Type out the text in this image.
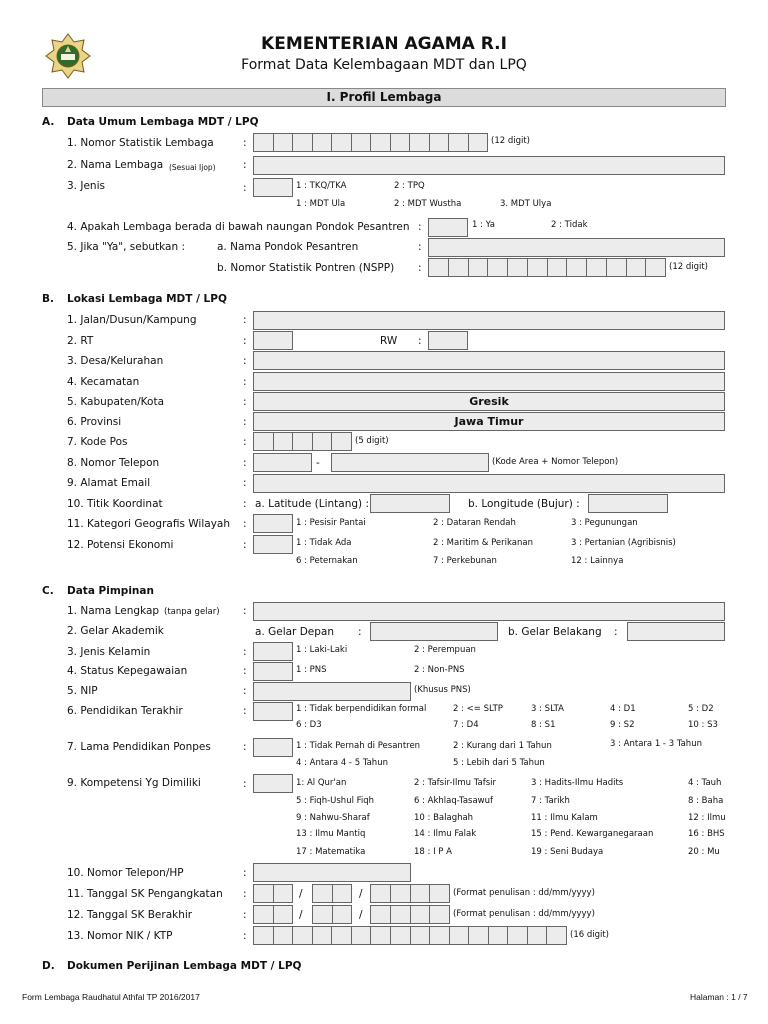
KEMENTERIAN AGAMA R.I
Format Data Kelembagaan MDT dan LPQ
I. Profil Lembaga
A. Data Umum Lembaga MDT / LPQ
1. Nomor Statistik Lembaga	:	(12 digit)
2. Nama Lembaga (Sesuai Ijop)	:
3. Jenis	:	1 : TKQ/TKA	2 : TPQ
1 : MDT Ula	2 : MDT Wustha	3. MDT Ulya
4. Apakah Lembaga berada di bawah naungan Pondok Pesantren :	1 : Ya	2 : Tidak
5. Jika "Ya", sebutkan :	a. Nama Pondok Pesantren	:
b. Nomor Statistik Pontren (NSPP) :	(12 digit)
B. Lokasi Lembaga MDT / LPQ
1. Jalan/Dusun/Kampung	:
2. RT	:	RW :
3. Desa/Kelurahan	:
4. Kecamatan	:
5. Kabupaten/Kota	:	Gresik
6. Provinsi	:	Jawa Timur
7. Kode Pos	:	(5 digit)
8. Nomor Telepon	:	-	(Kode Area + Nomor Telepon)
9. Alamat Email	:
10. Titik Koordinat	: a. Latitude (Lintang) :	b. Longitude (Bujur) :
11. Kategori Geografis Wilayah :	1 : Pesisir Pantai	2 : Dataran Rendah	3 : Pegunungan
12. Potensi Ekonomi	:	1 : Tidak Ada	2 : Maritim & Perikanan	3 : Pertanian (Agribisnis)
6 : Peternakan	7 : Perkebunan	12 : Lainnya
C. Data Pimpinan
1. Nama Lengkap (tanpa gelar) :
2. Gelar Akademik	a. Gelar Depan :	b. Gelar Belakang :
3. Jenis Kelamin	:	1 : Laki-Laki	2 : Perempuan
4. Status Kepegawaian	:	1 : PNS	2 : Non-PNS
5. NIP	:	(Khusus PNS)
6. Pendidikan Terakhir	:	1 : Tidak berpendidikan formal	2 : <= SLTP	3 : SLTA	4 : D1	5 : D2
6 : D3	7 : D4	8 : S1	9 : S2	10 : S3
7. Lama Pendidikan Ponpes	:	1 : Tidak Pernah di Pesantren	2 : Kurang dari 1 Tahun	3 : Antara 1 - 3 Tahun
4 : Antara 4 - 5 Tahun	5 : Lebih dari 5 Tahun
9. Kompetensi Yg Dimiliki	:	1: Al Qur'an	2 : Tafsir-Ilmu Tafsir	3 : Hadits-Ilmu Hadits	4 : Tauh
5 : Fiqh-Ushul Fiqh	6 : Akhlaq-Tasawuf	7 : Tarikh	8 : Baha
9 : Nahwu-Sharaf	10 : Balaghah	11 : Ilmu Kalam	12 : Ilmu
13 : Ilmu Mantiq	14 : Ilmu Falak	15 : Pend. Kewarganegaraan	16 : BHS
17 : Matematika	18 : I P A	19 : Seni Budaya	20 : Mu
10. Nomor Telepon/HP	:
11. Tanggal SK Pengangkatan :	/	/	(Format penulisan : dd/mm/yyyy)
12. Tanggal SK Berakhir	:	/	/	(Format penulisan : dd/mm/yyyy)
13. Nomor NIK / KTP	:	(16 digit)
D. Dokumen Perijinan Lembaga MDT / LPQ
Form Lembaga Raudhatul Athfal TP 2016/2017	Halaman : 1 / 7
